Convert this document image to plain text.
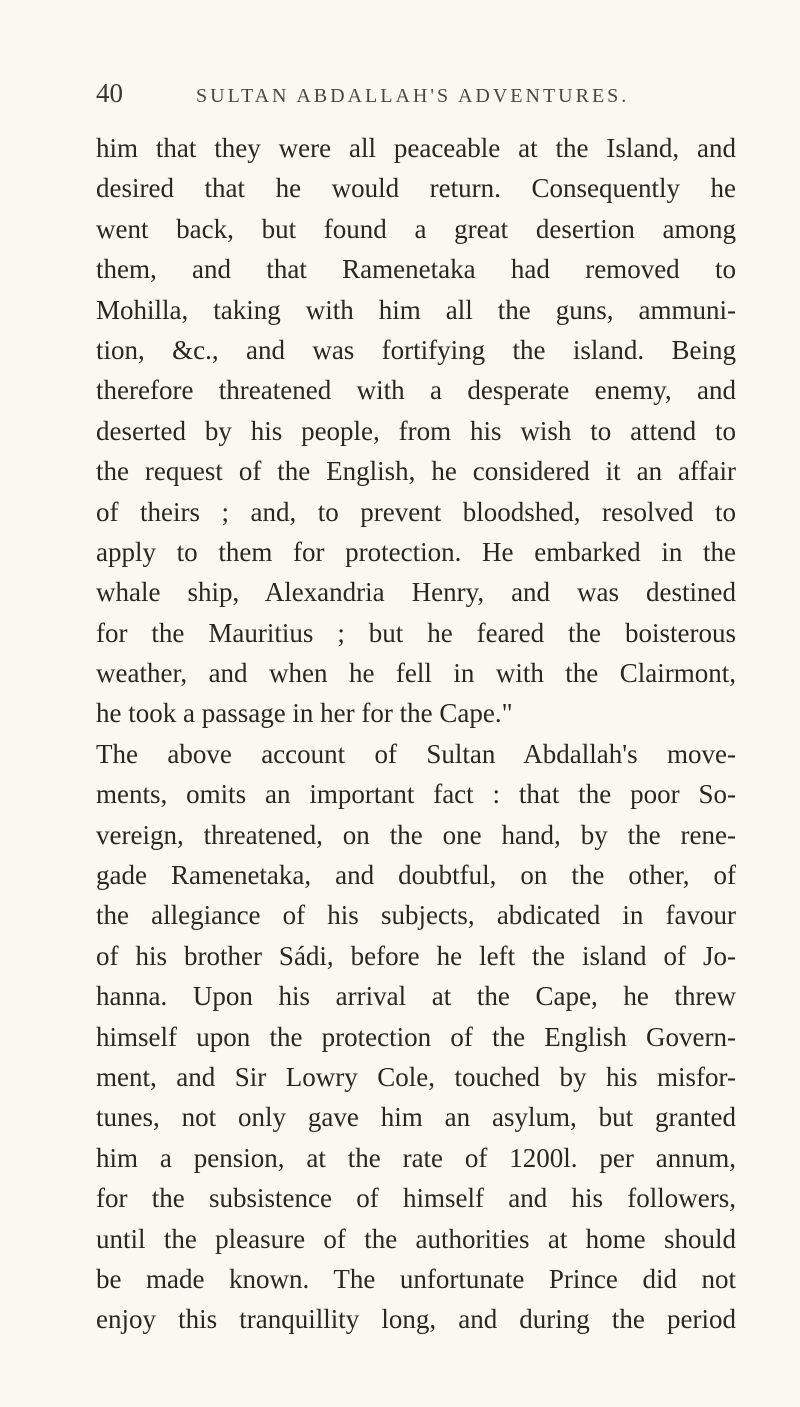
40	SULTAN ABDALLAH'S ADVENTURES.
him that they were all peaceable at the Island, and
desired that he would return. Consequently he
went back, but found a great desertion among
them, and that Ramenetaka had removed to
Mohilla, taking with him all the guns, ammuni-
tion, &c., and was fortifying the island. Being
therefore threatened with a desperate enemy, and
deserted by his people, from his wish to attend to
the request of the English, he considered it an affair
of theirs ; and, to prevent bloodshed, resolved to
apply to them for protection. He embarked in the
whale ship, Alexandria Henry, and was destined
for the Mauritius ; but he feared the boisterous
weather, and when he fell in with the Clairmont,
he took a passage in her for the Cape."
The above account of Sultan Abdallah's move-
ments, omits an important fact : that the poor So-
vereign, threatened, on the one hand, by the rene-
gade Ramenetaka, and doubtful, on the other, of
the allegiance of his subjects, abdicated in favour
of his brother Sádi, before he left the island of Jo-
hanna. Upon his arrival at the Cape, he threw
himself upon the protection of the English Govern-
ment, and Sir Lowry Cole, touched by his misfor-
tunes, not only gave him an asylum, but granted
him a pension, at the rate of 1200l. per annum,
for the subsistence of himself and his followers,
until the pleasure of the authorities at home should
be made known. The unfortunate Prince did not
enjoy this tranquillity long, and during the period
